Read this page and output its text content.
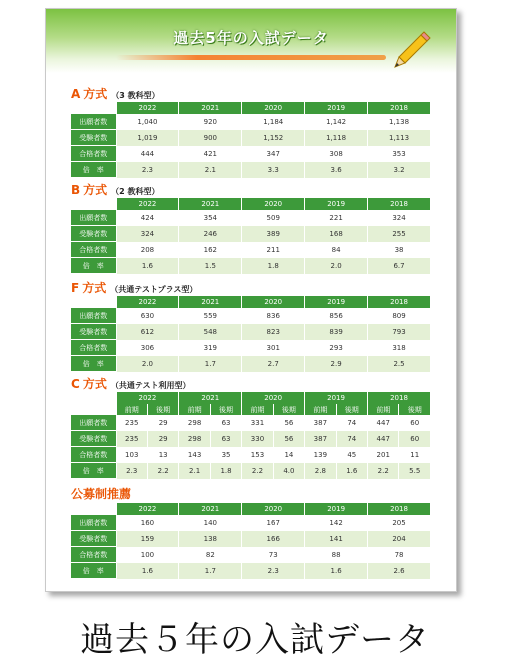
過去5年の入試データ
A 方式 （3 教科型）
	2022	2021	2020	2019	2018
出願者数	1,040	920	1,184	1,142	1,138
受験者数	1,019	900	1,152	1,118	1,113
合格者数	444	421	347	308	353
倍　率	2.3	2.1	3.3	3.6	3.2
B 方式 （2 教科型）
	2022	2021	2020	2019	2018
出願者数	424	354	509	221	324
受験者数	324	246	389	168	255
合格者数	208	162	211	84	38
倍　率	1.6	1.5	1.8	2.0	6.7
F 方式 （共通テストプラス型）
	2022	2021	2020	2019	2018
出願者数	630	559	836	856	809
受験者数	612	548	823	839	793
合格者数	306	319	301	293	318
倍　率	2.0	1.7	2.7	2.9	2.5
C 方式 （共通テスト利用型）
	2022		2021		2020		2019		2018	
	前期	後期	前期	後期	前期	後期	前期	後期	前期	後期
出願者数	235	29	298	63	331	56	387	74	447	60
受験者数	235	29	298	63	330	56	387	74	447	60
合格者数	103	13	143	35	153	14	139	45	201	11
倍　率	2.3	2.2	2.1	1.8	2.2	4.0	2.8	1.6	2.2	5.5
公募制推薦
	2022	2021	2020	2019	2018
出願者数	160	140	167	142	205
受験者数	159	138	166	141	204
合格者数	100	82	73	88	78
倍　率	1.6	1.7	2.3	1.6	2.6
過去５年の入試データ
